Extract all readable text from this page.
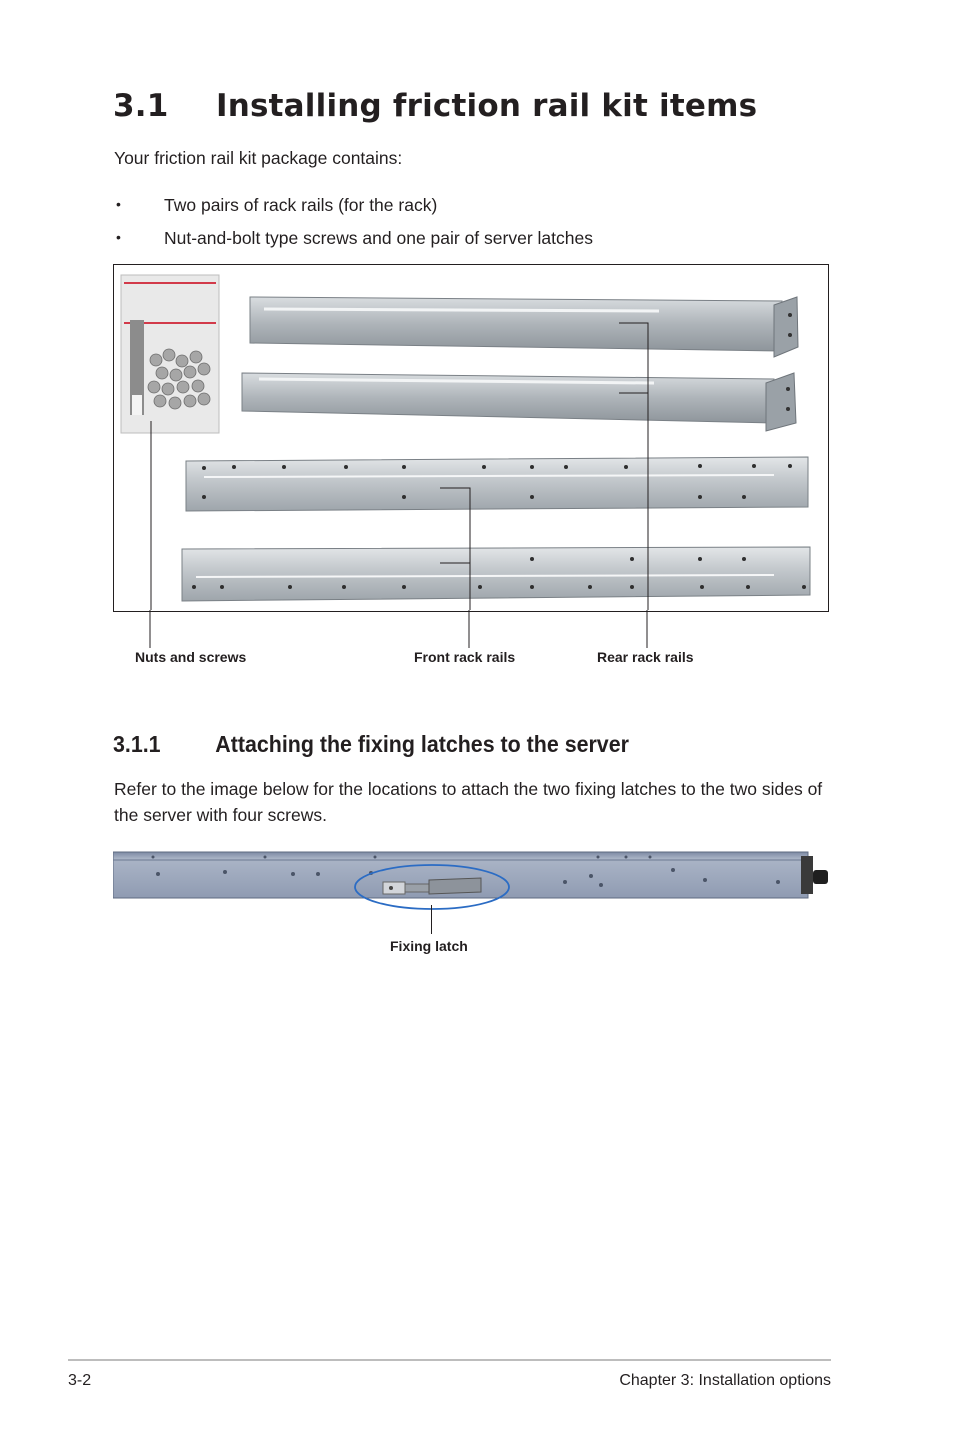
3.1 Installing friction rail kit items
Your friction rail kit package contains:
• Two pairs of rack rails (for the rack)
• Nut-and-bolt type screws and one pair of server latches
Nuts and screws	Front rack rails	Rear rack rails
3.1.1 Attaching the fixing latches to the server
Refer to the image below for the locations to attach the two fixing latches to the two sides of the server with four screws.
Fixing latch
3-2	Chapter 3: Installation options
